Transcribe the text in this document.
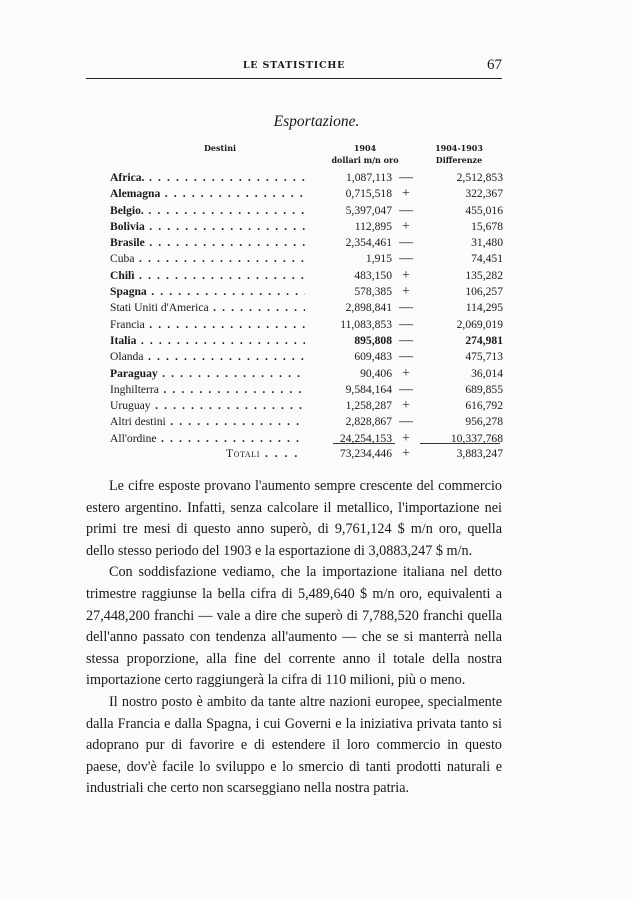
LE STATISTICHE	67
Esportazione.
Destini	1904
dollari m/n oro
1904-1903
Differenze
Africa. . . .	1,087,113 —	2,512,853
Alemagna . . .	0,715,518 +	322,367
Belgio. . . .	5,397,047 —	455,016
Bolivia . . .	112,895 +	15,678
Brasile . . .	2,354,461 —	31,480
Cuba . . .	1,915 —	74,451
Chilì . . .	483,150 +	135,282
Spagna . . .	578,385 +	106,257
Stati Uniti d'America . . .	2,898,841 —	114,295
Francia . . .	11,083,853 —	2,069,019
Italia . . .	895,808 —	274,981
Olanda . . .	609,483 —	475,713
Paraguay . . .	90,406 +	36,014
Inghilterra . . .	9,584,164 —	689,855
Uruguay . . .	1,258,287 +	616,792
Altri destini . . .	2,828,867 —	956,278
All'ordine . . .	24,254,153 +	10,337,768
Totali . . . .	73,234,446 +	3,883,247

Le cifre esposte provano l'aumento sempre crescente del commercio estero argentino. Infatti, senza calcolare il metallico, l'importazione nei primi tre mesi di questo anno superò, di 9,761,124 $ m/n oro, quella dello stesso periodo del 1903 e la esportazione di 3,0883,247 $ m/n.

Con soddisfazione vediamo, che la importazione italiana nel detto trimestre raggiunse la bella cifra di 5,489,640 $ m/n oro, equivalenti a 27,448,200 franchi — vale a dire che superò di 7,788,520 franchi quella dell'anno passato con tendenza all'aumento — che se si manterrà nella stessa proporzione, alla fine del corrente anno il totale della nostra importazione certo raggiungerà la cifra di 110 milioni, più o meno.

Il nostro posto è ambito da tante altre nazioni europee, specialmente dalla Francia e dalla Spagna, i cui Governi e la iniziativa privata tanto si adoprano pur di favorire e di estendere il loro commercio in questo paese, dov'è facile lo sviluppo e lo smercio di tanti prodotti naturali e industriali che certo non scarseggiano nella nostra patria.
